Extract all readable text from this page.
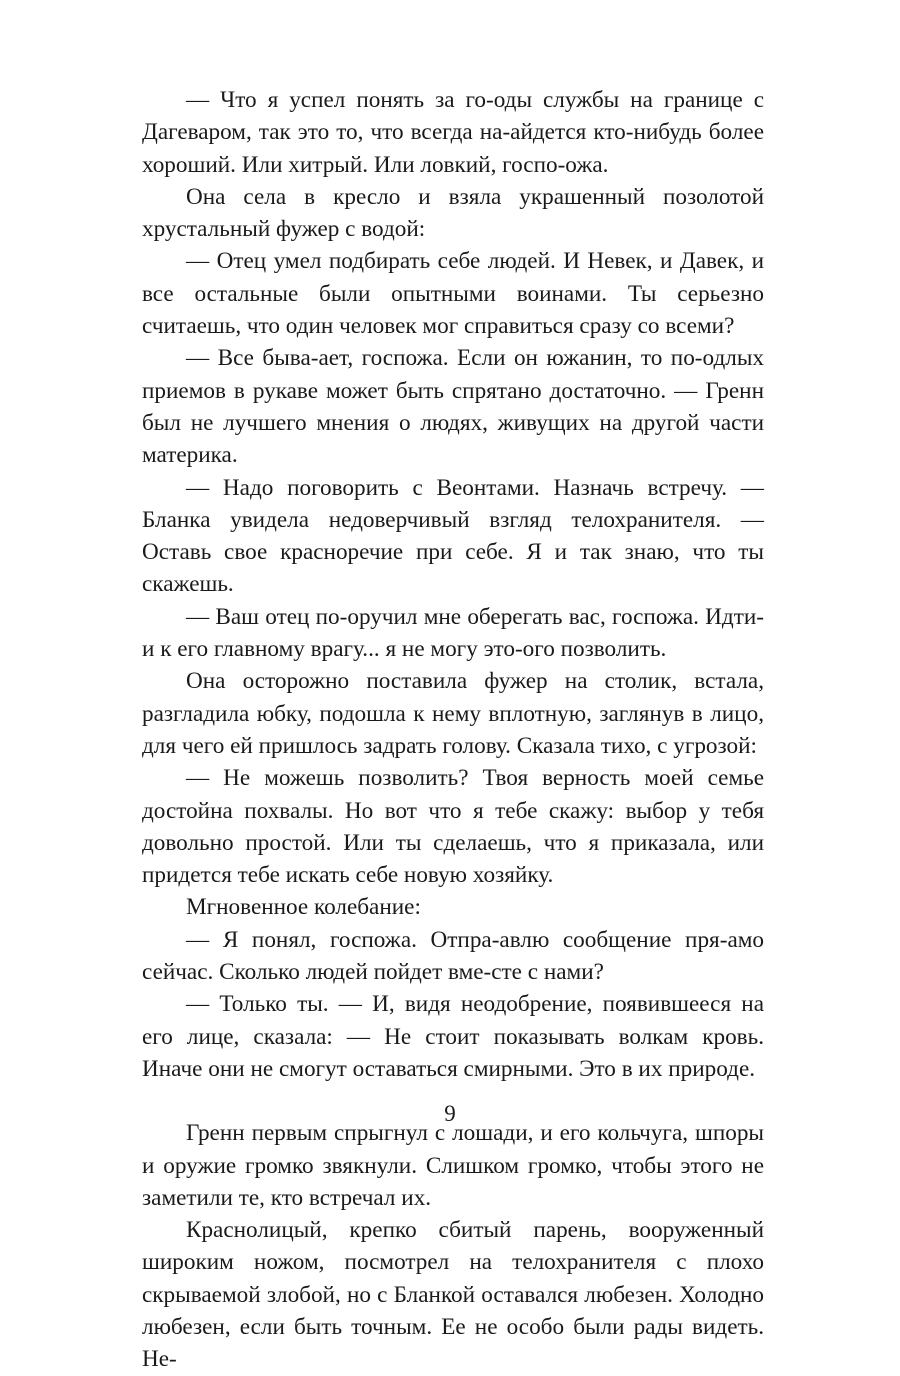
— Что я успел понять за го-оды службы на границе с Дагеваром, так это то, что всегда на-айдется кто-нибудь более хороший. Или хитрый. Или ловкий, госпо-ожа.

Она села в кресло и взяла украшенный позолотой хрустальный фужер с водой:

— Отец умел подбирать себе людей. И Невек, и Давек, и все остальные были опытными воинами. Ты серьезно считаешь, что один человек мог справиться сразу со всеми?

— Все быва-ает, госпожа. Если он южанин, то по-одлых приемов в рукаве может быть спрятано достаточно. — Гренн был не лучшего мнения о людях, живущих на другой части материка.

— Надо поговорить с Веонтами. Назначь встречу. — Бланка увидела недоверчивый взгляд телохранителя. — Оставь свое красноречие при себе. Я и так знаю, что ты скажешь.

— Ваш отец по-оручил мне оберегать вас, госпожа. Идти-и к его главному врагу... я не могу это-ого позволить.

Она осторожно поставила фужер на столик, встала, разгладила юбку, подошла к нему вплотную, заглянув в лицо, для чего ей пришлось задрать голову. Сказала тихо, с угрозой:

— Не можешь позволить? Твоя верность моей семье достойна похвалы. Но вот что я тебе скажу: выбор у тебя довольно простой. Или ты сделаешь, что я приказала, или придется тебе искать себе новую хозяйку.

Мгновенное колебание:

— Я понял, госпожа. Отпра-авлю сообщение пря-амо сейчас. Сколько людей пойдет вме-сте с нами?

— Только ты. — И, видя неодобрение, появившееся на его лице, сказала: — Не стоит показывать волкам кровь. Иначе они не смогут оставаться смирными. Это в их природе.

Гренн первым спрыгнул с лошади, и его кольчуга, шпоры и оружие громко звякнули. Слишком громко, чтобы этого не заметили те, кто встречал их.

Краснолицый, крепко сбитый парень, вооруженный широким ножом, посмотрел на телохранителя с плохо скрываемой злобой, но с Бланкой оставался любезен. Холодно любезен, если быть точным. Ее не особо были рады видеть. Не-

9
